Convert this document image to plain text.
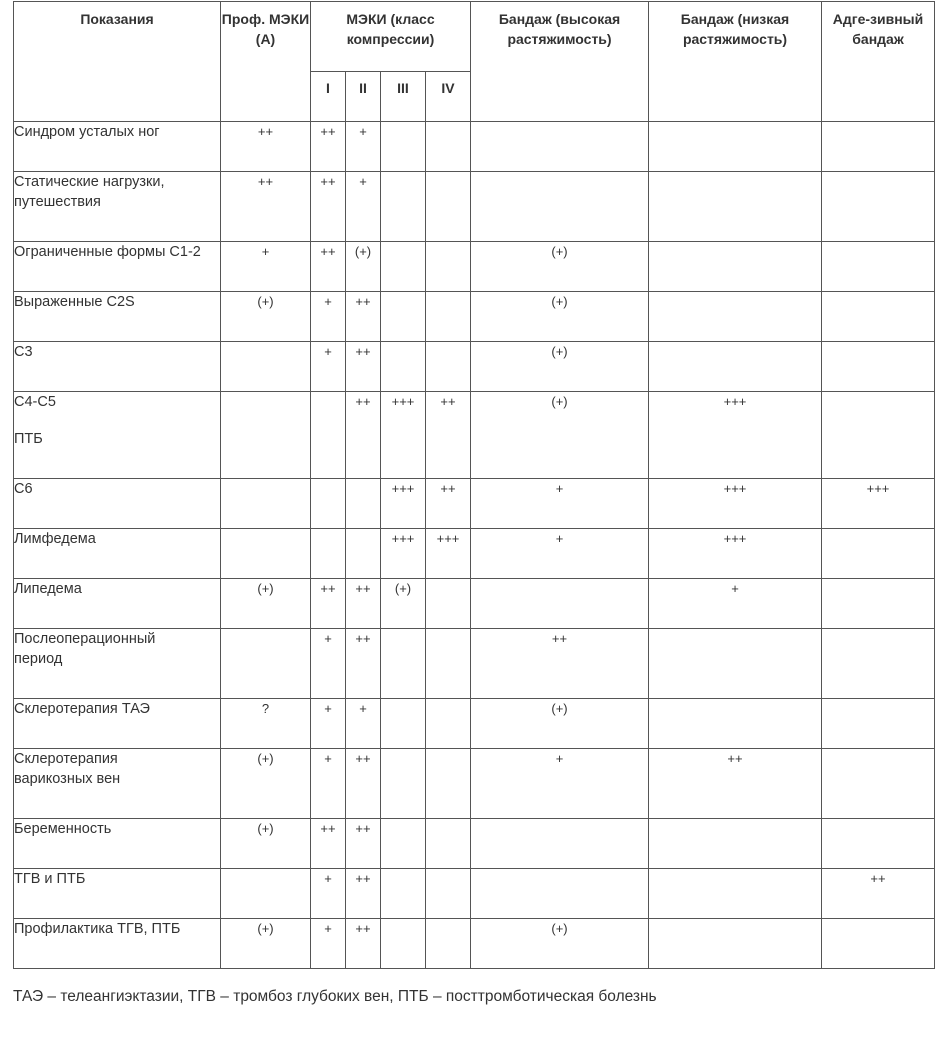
Показания	Проф. МЭКИ (А)	МЭКИ (класс компрессии)				Бандаж (высокая растяжимость)	Бандаж (низкая растяжимость)	Адге-зивный бандаж
		I	II	III	IV			

Синдром усталых ног	++	++	+					

Статические нагрузки,
путешествия	++	++	+					

Ограниченные формы С1-2	+	++	(+)			(+)		

Выраженные C2S	(+)	+	++			(+)		

С3		+	++			(+)		

С4-С5
ПТБ			++	+++	++	(+)	+++	

С6				+++	++	+	+++	+++

Лимфедема				+++	+++	+	+++	

Липедема	(+)	++	++	(+)			+	

Послеоперационный
период		+	++			++		

Склеротерапия ТАЭ	?	+	+			(+)		

Склеротерапия
варикозных вен	(+)	+	++			+	++	

Беременность	(+)	++	++					

ТГВ и ПТБ		+	++					++

Профилактика ТГВ, ПТБ	(+)	+	++			(+)		
ТАЭ – телеангиэктазии, ТГВ – тромбоз глубоких вен, ПТБ – посттромботическая болезнь
